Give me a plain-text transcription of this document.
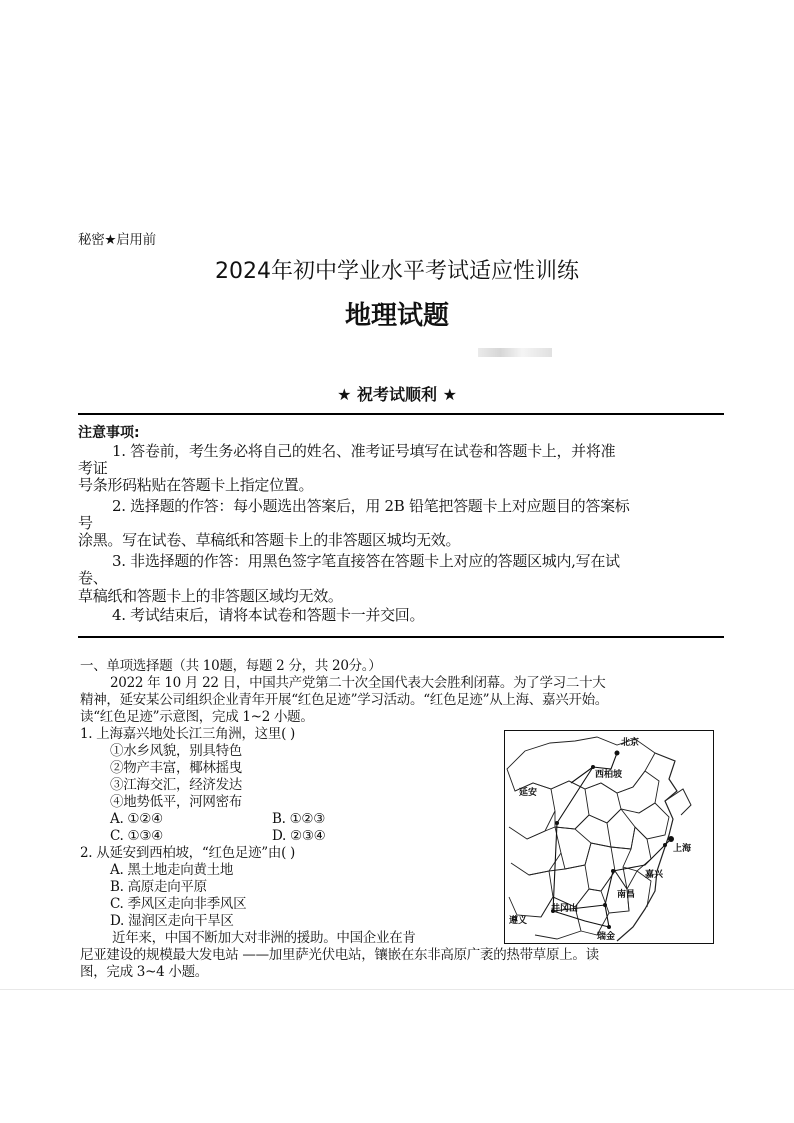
秘密★启用前
2024年初中学业水平考试适应性训练
地理试题
★ 祝考试顺利 ★
注意事项:
1. 答卷前，考生务必将自己的姓名、准考证号填写在试卷和答题卡上，并将准
考证
号条形码粘贴在答题卡上指定位置。
2. 选择题的作答：每小题选出答案后，用 2B 铅笔把答题卡上对应题目的答案标
号
涂黑。写在试卷、草稿纸和答题卡上的非答题区城均无效。
3. 非选择题的作答：用黑色签字笔直接答在答题卡上对应的答题区城内,写在试
卷、
草稿纸和答题卡上的非答题区域均无效。
4. 考试结束后，请将本试卷和答题卡一并交回。
一、单项选择题（共 10题，每题 2 分，共 20分。）
2022 年 10 月 22 日，中国共产党第二十次全国代表大会胜利闭幕。为了学习二十大
精神，延安某公司组织企业青年开展“红色足迹”学习活动。“红色足迹”从上海、嘉兴开始。
读“红色足迹”示意图，完成 1~2 小题。
1. 上海嘉兴地处长江三角洲，这里( )
①水乡风貌，别具特色
②物产丰富，椰林摇曳
③江海交汇，经济发达
④地势低平，河网密布
A. ①②④	B. ①②③
C. ①③④	D. ②③④
2. 从延安到西柏坡，“红色足迹”由( )
A. 黑土地走向黄土地
B. 高原走向平原
C. 季风区走向非季风区
D. 湿润区走向干旱区
近年来，中国不断加大对非洲的援助。中国企业在肯
尼亚建设的规模最大发电站 ——加里萨光伏电站，镶嵌在东非高原广袤的热带草原上。读
图，完成 3~4 小题。
北京
西柏坡
延安
上海
嘉兴
南昌
井冈山
遵义
瑞金
